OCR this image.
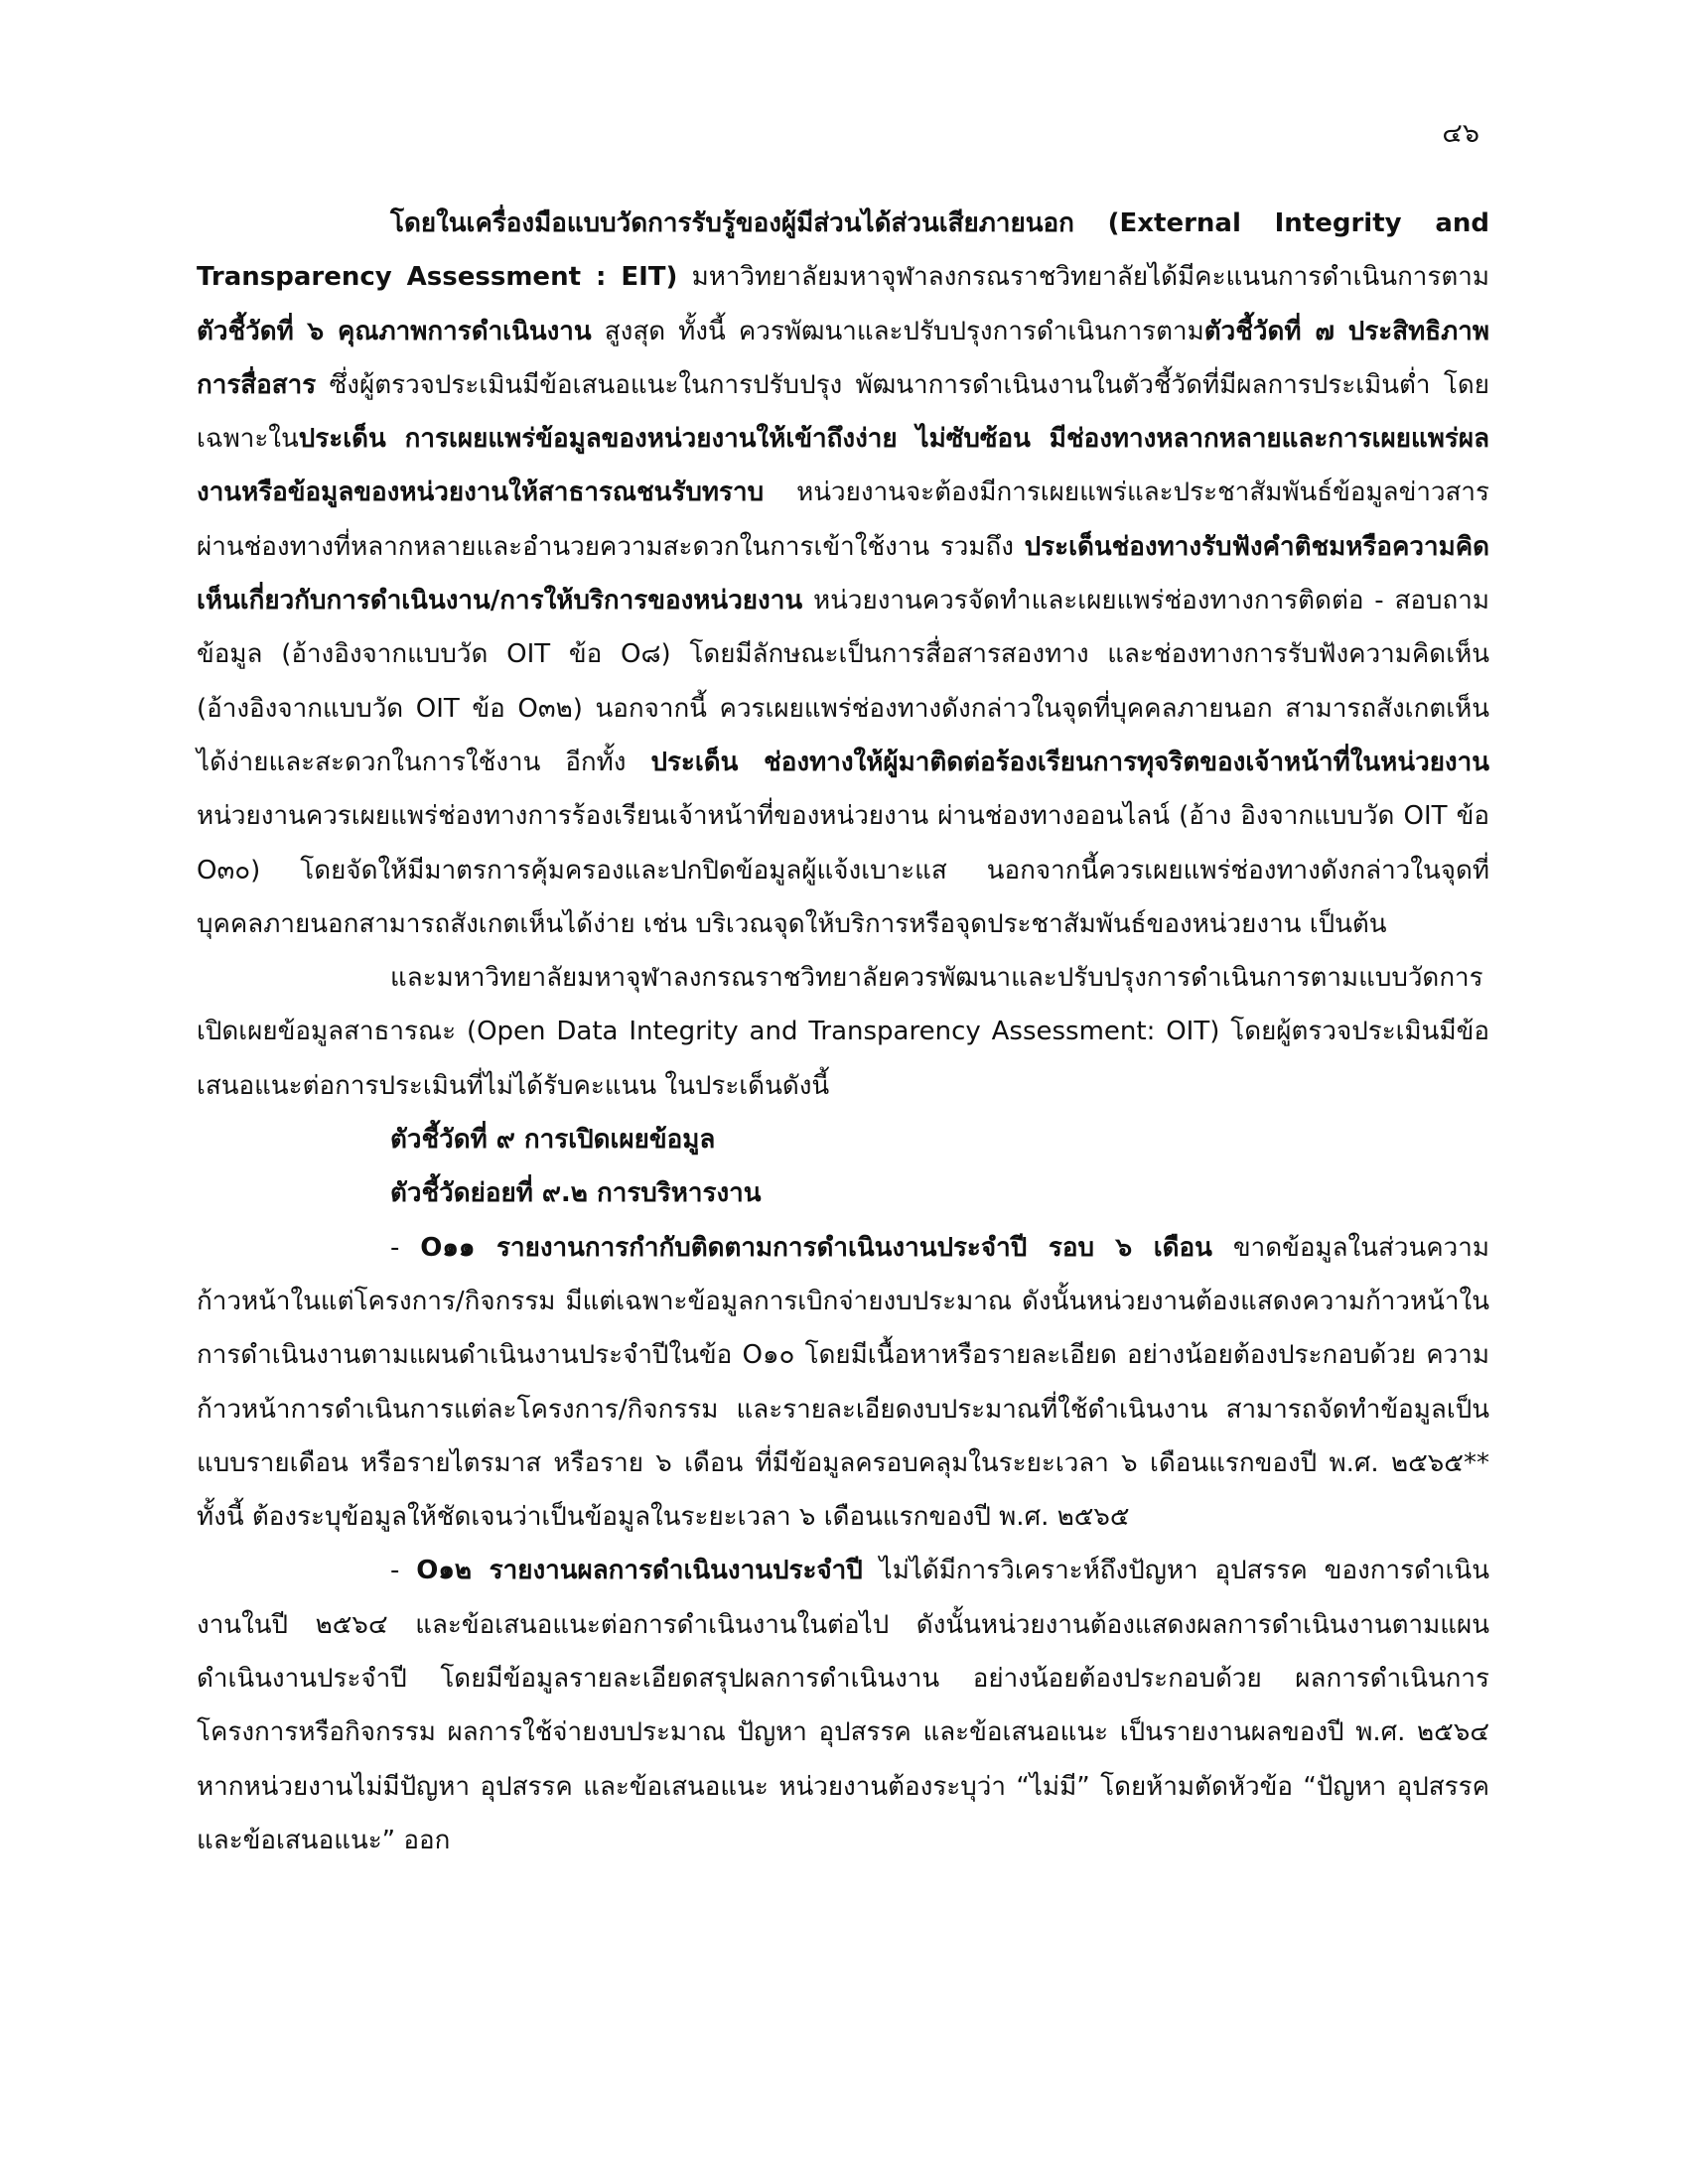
๔๖

โดยในเครื่องมือแบบวัดการรับรู้ของผู้มีส่วนได้ส่วนเสียภายนอก (External Integrity and Transparency Assessment : EIT) มหาวิทยาลัยมหาจุฬาลงกรณราชวิทยาลัยได้มีคะแนนการดำเนินการตาม ตัวชี้วัดที่ ๖ คุณภาพการดำเนินงาน สูงสุด ทั้งนี้ ควรพัฒนาและปรับปรุงการดำเนินการตามตัวชี้วัดที่ ๗ ประสิทธิภาพการสื่อสาร ซึ่งผู้ตรวจประเมินมีข้อเสนอแนะในการปรับปรุง พัฒนาการดำเนินงานในตัวชี้วัดที่มีผลการประเมินต่ำ โดยเฉพาะในประเด็น การเผยแพร่ข้อมูลของหน่วยงานให้เข้าถึงง่าย ไม่ซับซ้อน มีช่องทางหลากหลายและการเผยแพร่ผลงานหรือข้อมูลของหน่วยงานให้สาธารณชนรับทราบ หน่วยงานจะต้องมีการเผยแพร่และประชาสัมพันธ์ข้อมูลข่าวสาร ผ่านช่องทางที่หลากหลายและอำนวยความสะดวกในการเข้าใช้งาน รวมถึง ประเด็นช่องทางรับฟังคำติชมหรือความคิดเห็นเกี่ยวกับการดำเนินงาน/การให้บริการของหน่วยงาน หน่วยงานควรจัดทำและเผยแพร่ช่องทางการติดต่อ - สอบถามข้อมูล (อ้างอิงจากแบบวัด OIT ข้อ O๘) โดยมีลักษณะเป็นการสื่อสารสองทาง และช่องทางการรับฟังความคิดเห็น (อ้างอิงจากแบบวัด OIT ข้อ O๓๒) นอกจากนี้ ควรเผยแพร่ช่องทางดังกล่าวในจุดที่บุคคลภายนอก สามารถสังเกตเห็นได้ง่ายและสะดวกในการใช้งาน อีกทั้ง ประเด็น ช่องทางให้ผู้มาติดต่อร้องเรียนการทุจริตของเจ้าหน้าที่ในหน่วยงาน หน่วยงานควรเผยแพร่ช่องทางการร้องเรียนเจ้าหน้าที่ของหน่วยงาน ผ่านช่องทางออนไลน์ (อ้าง อิงจากแบบวัด OIT ข้อ O๓๐) โดยจัดให้มีมาตรการคุ้มครองและปกปิดข้อมูลผู้แจ้งเบาะแส นอกจากนี้ควรเผยแพร่ช่องทางดังกล่าวในจุดที่บุคคลภายนอกสามารถสังเกตเห็นได้ง่าย เช่น บริเวณจุดให้บริการหรือจุดประชาสัมพันธ์ของหน่วยงาน เป็นต้น

และมหาวิทยาลัยมหาจุฬาลงกรณราชวิทยาลัยควรพัฒนาและปรับปรุงการดำเนินการตามแบบวัดการเปิดเผยข้อมูลสาธารณะ (Open Data Integrity and Transparency Assessment: OIT) โดยผู้ตรวจประเมินมีข้อเสนอแนะต่อการประเมินที่ไม่ได้รับคะแนน ในประเด็นดังนี้

ตัวชี้วัดที่ ๙ การเปิดเผยข้อมูล

ตัวชี้วัดย่อยที่ ๙.๒ การบริหารงาน

- O๑๑ รายงานการกำกับติดตามการดำเนินงานประจำปี รอบ ๖ เดือน ขาดข้อมูลในส่วนความก้าวหน้าในแต่โครงการ/กิจกรรม มีแต่เฉพาะข้อมูลการเบิกจ่ายงบประมาณ ดังนั้นหน่วยงานต้องแสดงความก้าวหน้าในการดำเนินงานตามแผนดำเนินงานประจำปีในข้อ O๑๐ โดยมีเนื้อหาหรือรายละเอียด อย่างน้อยต้องประกอบด้วย ความก้าวหน้าการดำเนินการแต่ละโครงการ/กิจกรรม และรายละเอียดงบประมาณที่ใช้ดำเนินงาน สามารถจัดทำข้อมูลเป็นแบบรายเดือน หรือรายไตรมาส หรือราย ๖ เดือน ที่มีข้อมูลครอบคลุมในระยะเวลา ๖ เดือนแรกของปี พ.ศ. ๒๕๖๕** ทั้งนี้ ต้องระบุข้อมูลให้ชัดเจนว่าเป็นข้อมูลในระยะเวลา ๖ เดือนแรกของปี พ.ศ. ๒๕๖๕

- O๑๒ รายงานผลการดำเนินงานประจำปี ไม่ได้มีการวิเคราะห์ถึงปัญหา อุปสรรค ของการดำเนินงานในปี ๒๕๖๔ และข้อเสนอแนะต่อการดำเนินงานในต่อไป ดังนั้นหน่วยงานต้องแสดงผลการดำเนินงานตามแผนดำเนินงานประจำปี โดยมีข้อมูลรายละเอียดสรุปผลการดำเนินงาน อย่างน้อยต้องประกอบด้วย ผลการดำเนินการโครงการหรือกิจกรรม ผลการใช้จ่ายงบประมาณ ปัญหา อุปสรรค และข้อเสนอแนะ เป็นรายงานผลของปี พ.ศ. ๒๕๖๔ หากหน่วยงานไม่มีปัญหา อุปสรรค และข้อเสนอแนะ หน่วยงานต้องระบุว่า “ไม่มี” โดยห้ามตัดหัวข้อ “ปัญหา อุปสรรค และข้อเสนอแนะ” ออก
